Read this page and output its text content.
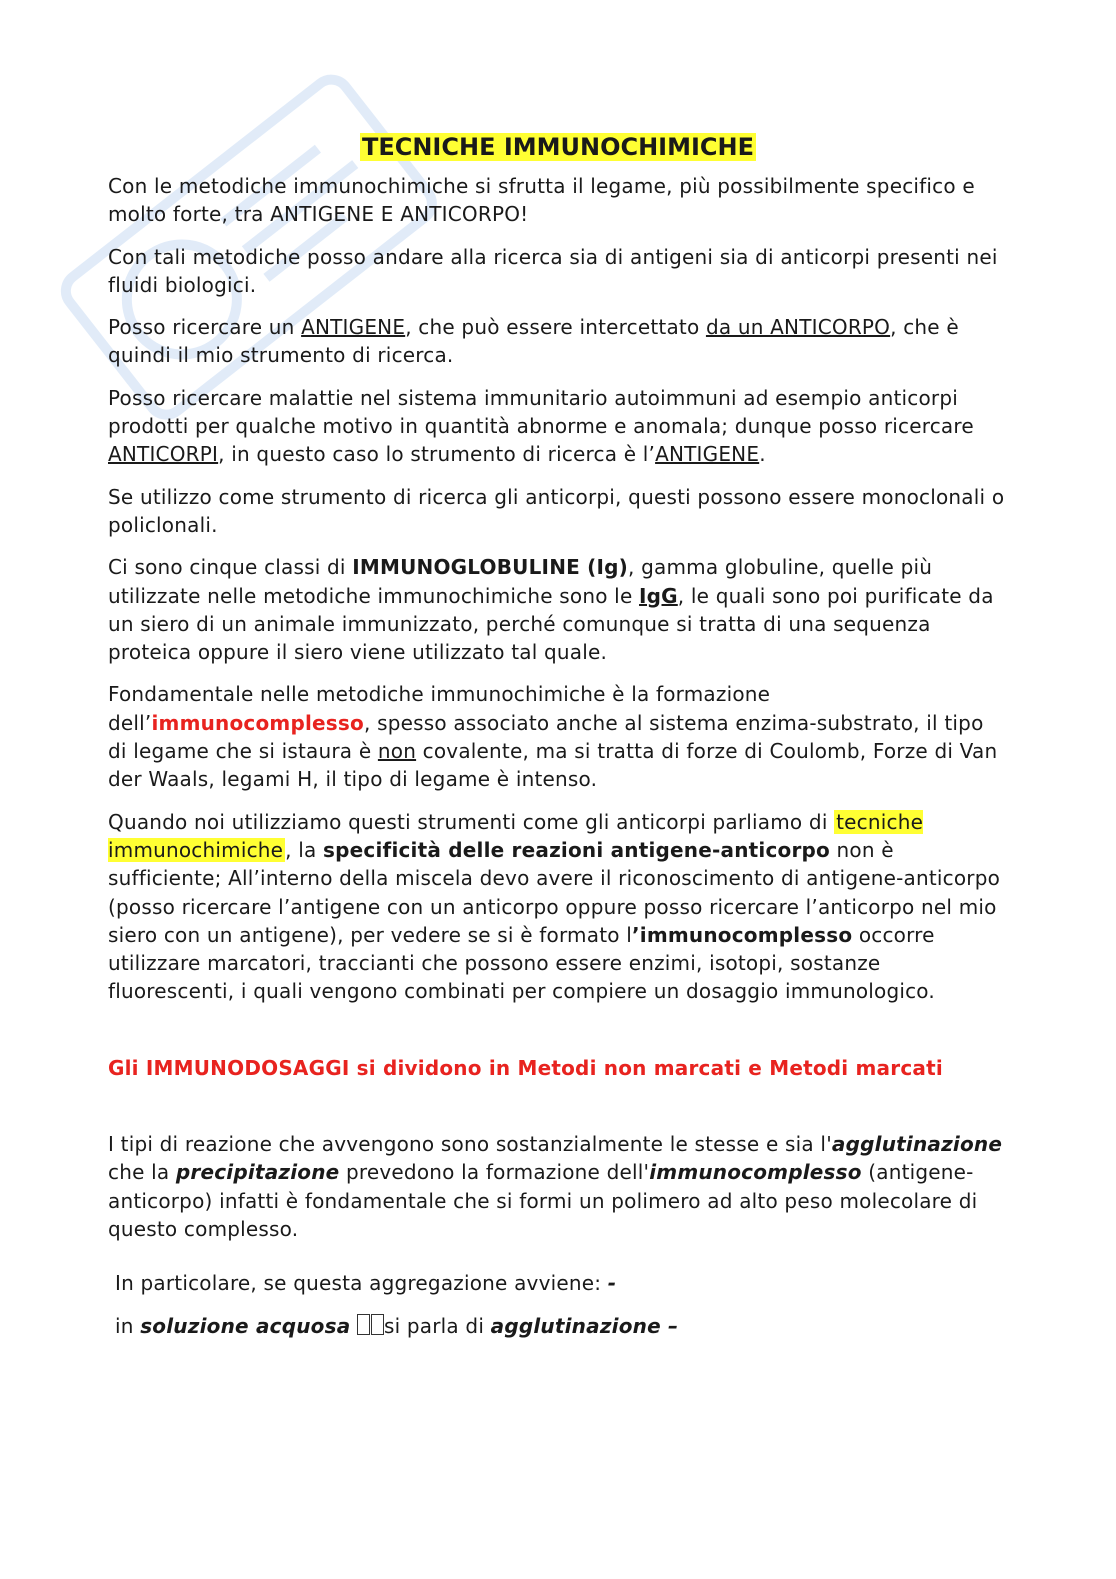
TECNICHE IMMUNOCHIMICHE

Con le metodiche immunochimiche si sfrutta il legame, più possibilmente specifico e molto forte, tra ANTIGENE E ANTICORPO!

Con tali metodiche posso andare alla ricerca sia di antigeni sia di anticorpi presenti nei fluidi biologici.

Posso ricercare un ANTIGENE, che può essere intercettato da un ANTICORPO, che è quindi il mio strumento di ricerca.

Posso ricercare malattie nel sistema immunitario autoimmuni ad esempio anticorpi prodotti per qualche motivo in quantità abnorme e anomala; dunque posso ricercare ANTICORPI, in questo caso lo strumento di ricerca è l’ANTIGENE.

Se utilizzo come strumento di ricerca gli anticorpi, questi possono essere monoclonali o policlonali.

Ci sono cinque classi di IMMUNOGLOBULINE (Ig), gamma globuline, quelle più utilizzate nelle metodiche immunochimiche sono le IgG, le quali sono poi purificate da un siero di un animale immunizzato, perché comunque si tratta di una sequenza proteica oppure il siero viene utilizzato tal quale.

Fondamentale nelle metodiche immunochimiche è la formazione dell’immunocomplesso, spesso associato anche al sistema enzima-substrato, il tipo di legame che si istaura è non covalente, ma si tratta di forze di Coulomb, Forze di Van der Waals, legami H, il tipo di legame è intenso.

Quando noi utilizziamo questi strumenti come gli anticorpi parliamo di tecniche immunochimiche , la specificità delle reazioni antigene-anticorpo non è sufficiente; All’interno della miscela devo avere il riconoscimento di antigene-anticorpo (posso ricercare l’antigene con un anticorpo oppure posso ricercare l’anticorpo nel mio siero con un antigene), per vedere se si è formato l’immunocomplesso occorre utilizzare marcatori, traccianti che possono essere enzimi, isotopi, sostanze fluorescenti, i quali vengono combinati per compiere un dosaggio immunologico.

Gli IMMUNODOSAGGI si dividono in Metodi non marcati e Metodi marcati

I tipi di reazione che avvengono sono sostanzialmente le stesse e sia l'agglutinazione che la precipitazione prevedono la formazione dell'immunocomplesso (antigene-anticorpo) infatti è fondamentale che si formi un polimero ad alto peso molecolare di questo complesso.

In particolare, se questa aggregazione avviene: -

in soluzione acquosa si parla di agglutinazione –
